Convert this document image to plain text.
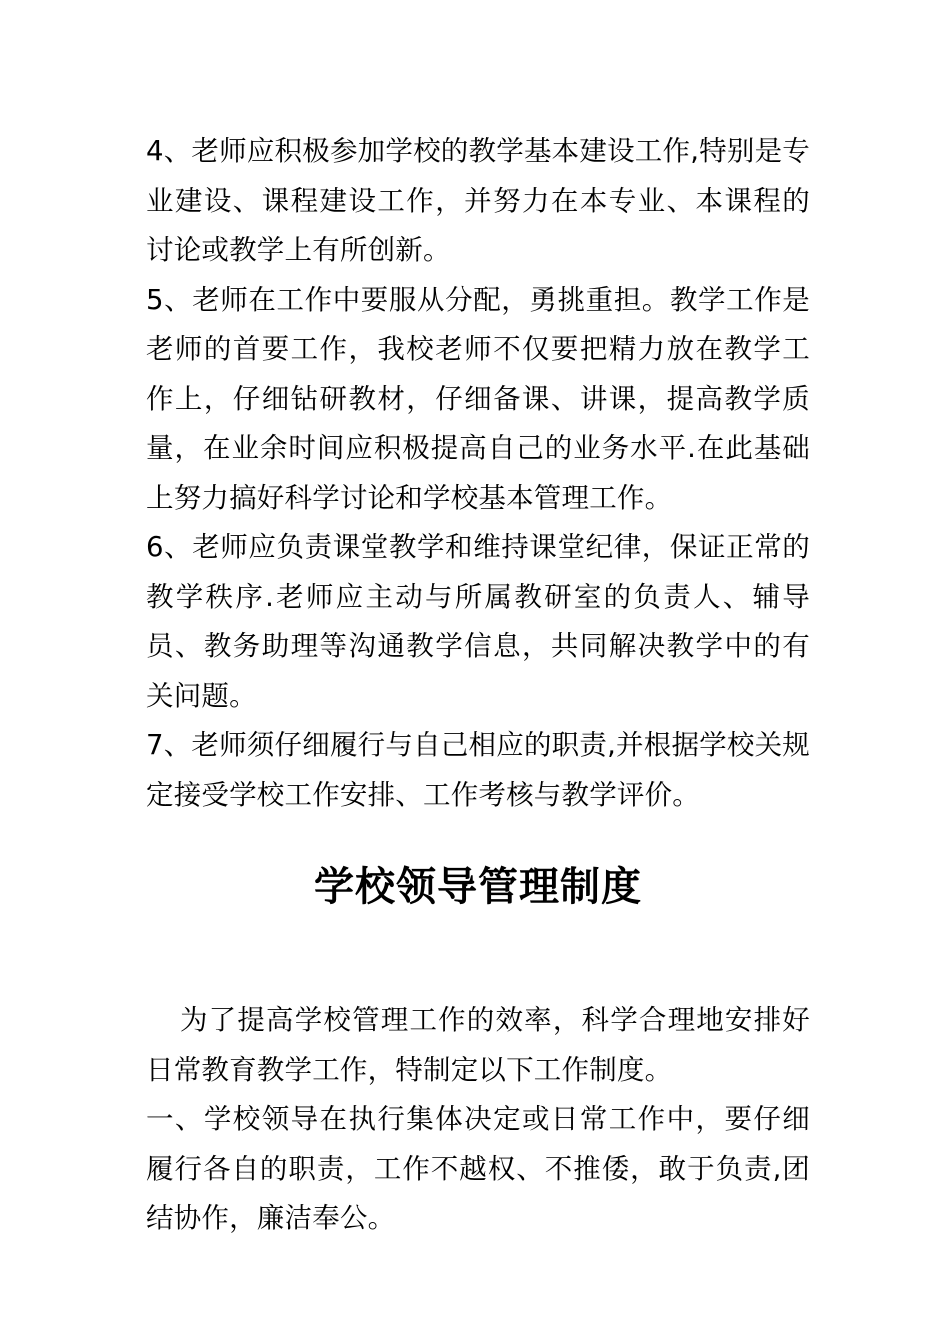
4、老师应积极参加学校的教学基本建设工作,特别是专业建设、课程建设工作，并努力在本专业、本课程的讨论或教学上有所创新。

5、老师在工作中要服从分配，勇挑重担。教学工作是老师的首要工作，我校老师不仅要把精力放在教学工作上，仔细钻研教材，仔细备课、讲课，提高教学质量，在业余时间应积极提高自己的业务水平.在此基础上努力搞好科学讨论和学校基本管理工作。

6、老师应负责课堂教学和维持课堂纪律，保证正常的教学秩序.老师应主动与所属教研室的负责人、辅导员、教务助理等沟通教学信息，共同解决教学中的有关问题。

7、老师须仔细履行与自己相应的职责,并根据学校关规定接受学校工作安排、工作考核与教学评价。

学校领导管理制度

为了提高学校管理工作的效率，科学合理地安排好日常教育教学工作，特制定以下工作制度。

一、学校领导在执行集体决定或日常工作中，要仔细履行各自的职责，工作不越权、不推倭，敢于负责,团结协作，廉洁奉公。
